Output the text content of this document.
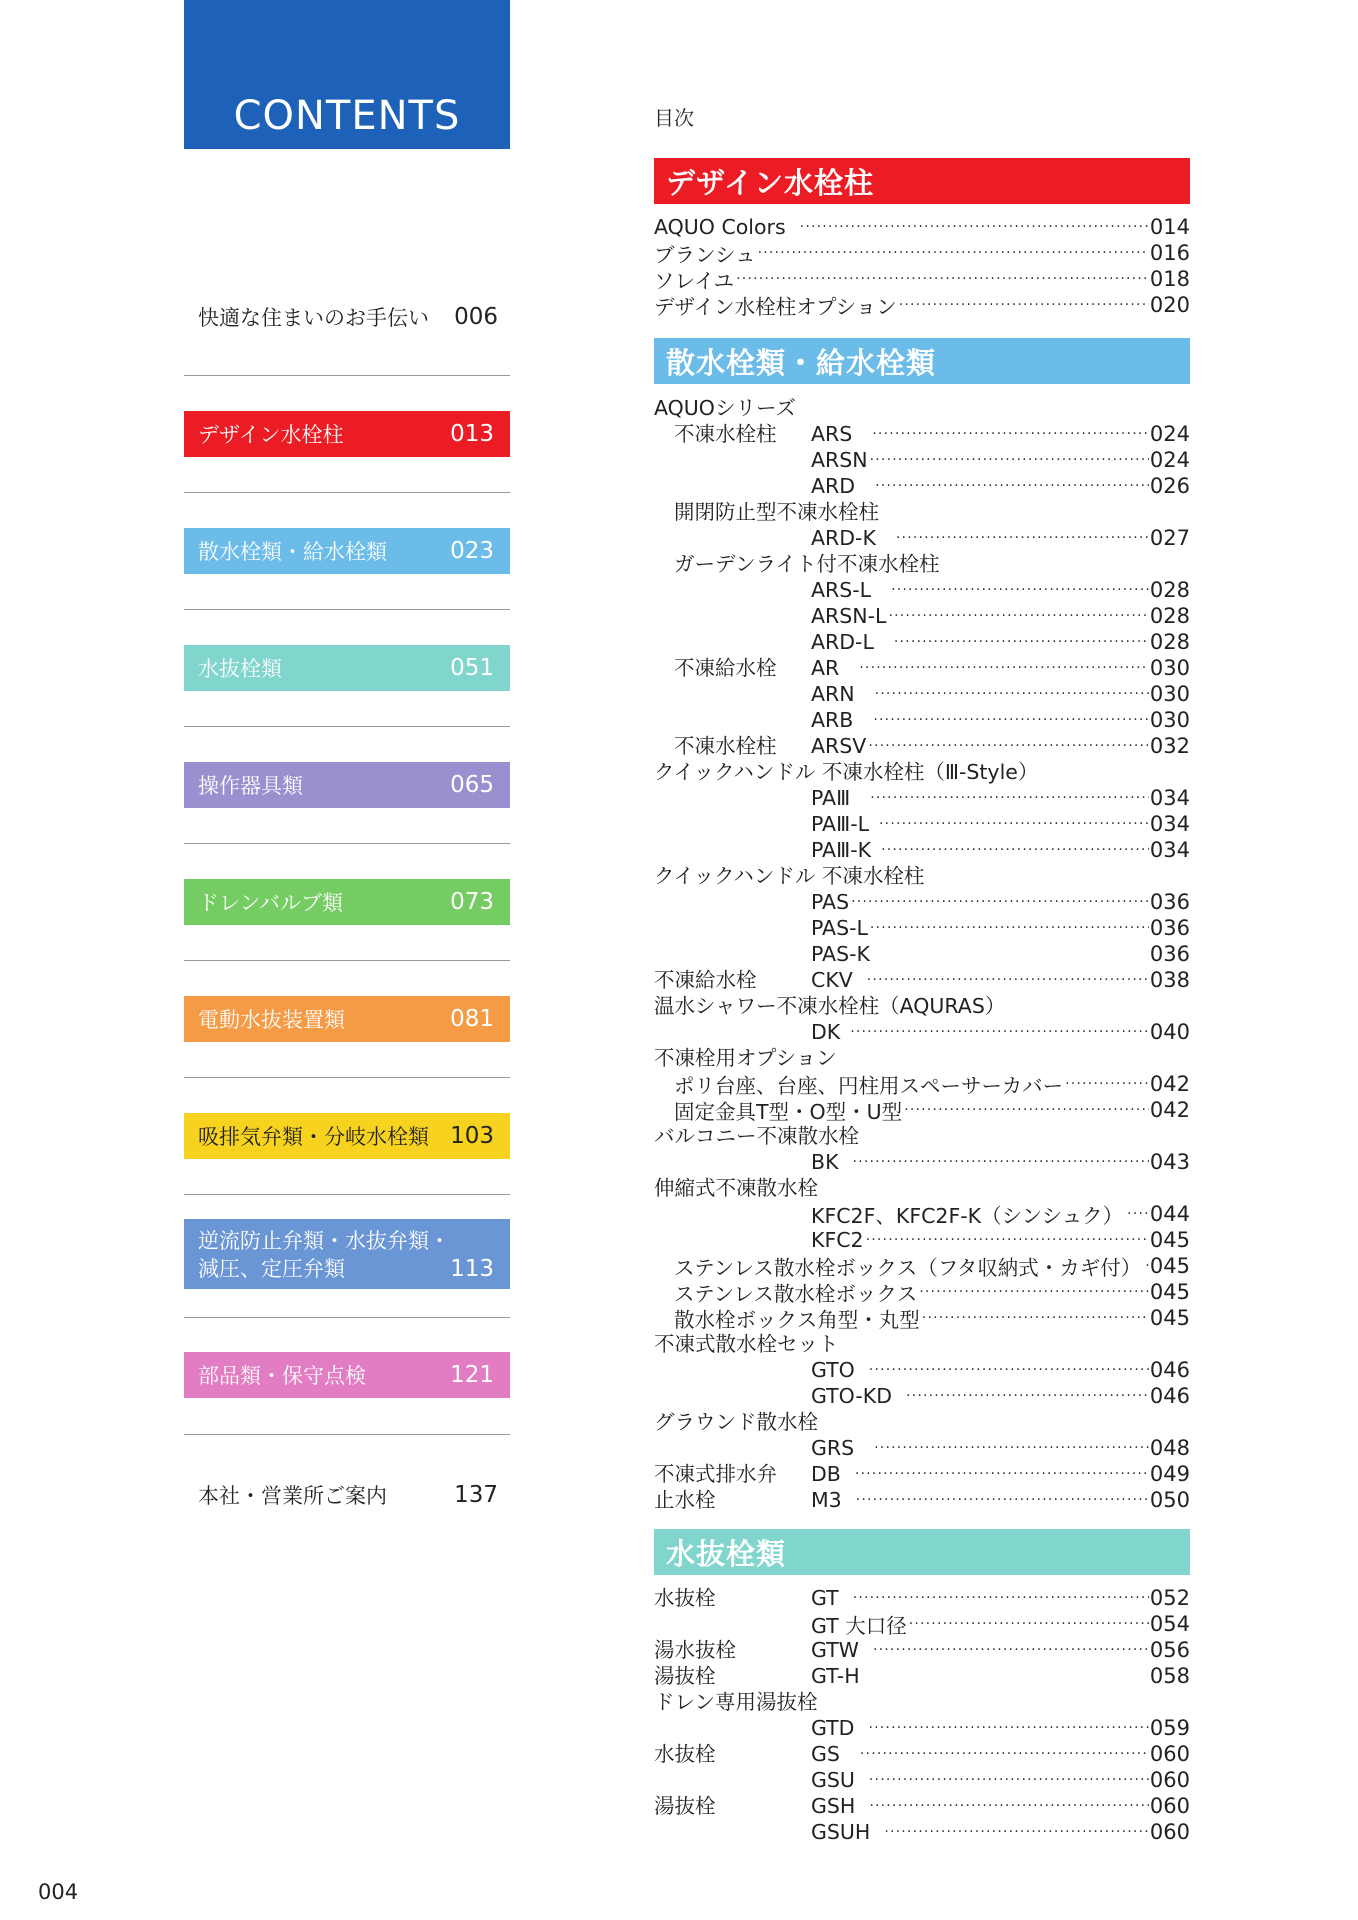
CONTENTS
快適な住まいのお手伝い 006
デザイン水栓柱	013
散水栓類・給水栓類	023
水抜栓類	051
操作器具類	065
ドレンバルブ類	073
電動水抜装置類	081
吸排気弁類・分岐水栓類 103
逆流防止弁類・水抜弁類・
減圧、定圧弁類	113
部品類・保守点検	121
本社・営業所ご案内	137
目次
デザイン水栓柱
AQUO Colors ·····	014
ブランシュ ·····	016
ソレイユ ·····	018
デザイン水栓柱オプション ·····	020
散水栓類・給水栓類
AQUOシリーズ
不凍水栓柱 ARS ·····	024
ARSN ·····	024
ARD ·····	026
開閉防止型不凍水栓柱
ARD-K ·····	027
ガーデンライト付不凍水栓柱
ARS-L ·····	028
ARSN-L ·····	028
ARD-L ·····	028
不凍給水栓 AR ·····	030
ARN ·····	030
ARB ·····	030
不凍水栓柱 ARSV ·····	032
クイックハンドル 不凍水栓柱（Ⅲ-Style）
PAⅢ ·····	034
PAⅢ-L ·····	034
PAⅢ-K ·····	034
クイックハンドル 不凍水栓柱
PAS ·····	036
PAS-L ·····	036
PAS-K	036
不凍給水栓	CKV ·····	038
温水シャワー不凍水栓柱（AQURAS）
DK ·····	040
不凍栓用オプション
ポリ台座、台座、円柱用スペーサーカバー ·····	042
固定金具T型・O型・U型 ·····	042
バルコニー不凍散水栓
BK ·····	043
伸縮式不凍散水栓
KFC2F、KFC2F-K（シンシュク） ····· 044
KFC2 ·····	045
ステンレス散水栓ボックス（フタ収納式・カギ付） ····· 045
ステンレス散水栓ボックス ·····	045
散水栓ボックス角型・丸型 ·····	045
不凍式散水栓セット
GTO ·····	046
GTO-KD ·····	046
グラウンド散水栓
GRS ·····	048
不凍式排水弁 DB ·····	049
止水栓	M3 ·····	050
水抜栓類
水抜栓	GT ·····	052
GT 大口径 ·····	054
湯水抜栓	GTW ·····	056
湯抜栓	GT-H	058
ドレン専用湯抜栓
GTD ·····	059
水抜栓	GS ·····	060
GSU ·····	060
湯抜栓	GSH ·····	060
GSUH ·····	060
004
